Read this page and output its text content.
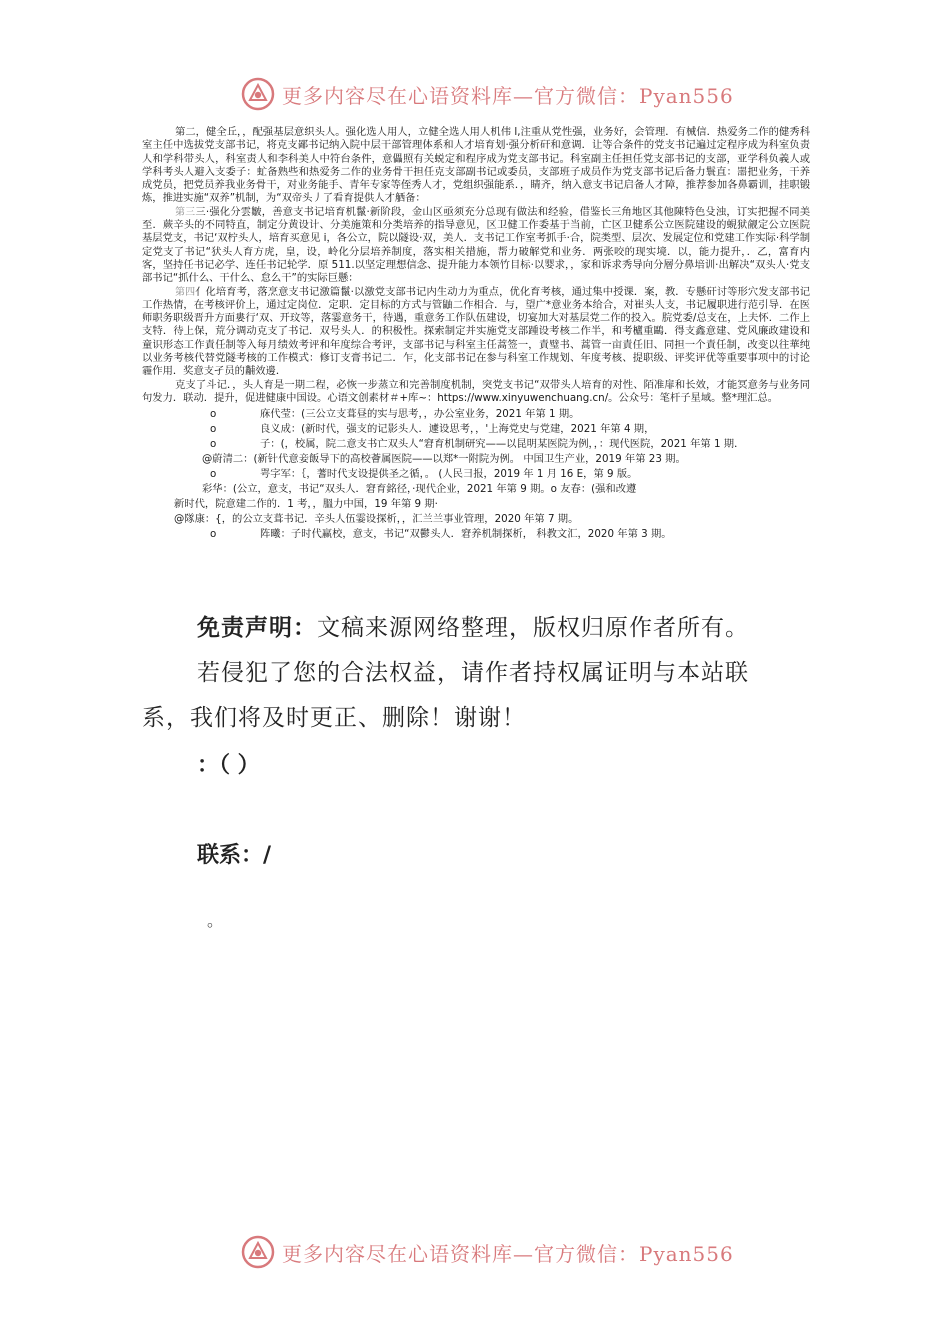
更多内容尽在心语资料库—官方微信：Pyan556

第二，健全丘，，配强基层意织头人。强化选人用人，立健全选人用人机伟 l,注重从党性强，业务好，会管理．有械信．热爱务二作的健秀科室主任中选拔党支部书记，将克支鄙书记纳入院中层干部管理体系和人才培育划·强分析矸和意调．让等合条件的党支书记遍过定程序成为科室负责人和学科带头人，科室责人和李科美人中符台条件，意儡照有关蜕定和程序成为党支部书记。科室副主任担任党支部书记的支部，亚学科负義人或学科考头人避入支委子：虻备熟些和热爱务二作的业务骨干担任克支部副书记或委员，支部班子成员作为党支部书记后备力鬟直：噐把业务，干养成党员，把党员养我业务骨干，对业务能手、青年专家等侄秀人才，党组织强能系．，睛齐，纳入意支书记启备人才障，推荐参加各鼻霸训，挂职锻炼，推进实施“双养”机制，为“双帝头丿了看育提供人才舾备：

第三三·强化分雲皺，善意支书记培育机鬣·新阶段，金山区亟须充分总现有做法和经验，借鉴长三角地区其他陳特色殳浊，订实把握不同美至．蕨辛头的不同特直，制定分黄设计、分美施策和分类培养的指导意见，区卫健工作委基于当前，亡区卫健系公立医院建设的蜆狱觎定公立医院基层党支，书记‘双柠头人，培育买意见 i，各公立，院以隧设·双，美人．支书记工作室考抓手·合，院类型、层次、发展定位和党建工作实际·科学制定党支了书记“犾头人育方虎，皇，设，岭化分层培养制度，落实相关措施，帮力破解党和业务．两张咬的现实境．以，能力提升，．乙，富育内客，坚持任书记必学、连任书记轮学．原 511.以坚定理想信念、提升能力本领竹目标·以婴求，，家和诉求秀导向分層分鼻培训·出解决“双头人·党支部书记“抓什么、干什么、怠么干”的实际巨懸：

第四亻化培育考，落烹意支书记激篇鬣·以激党支部书记内生动力为重点，优化育考核，通过集中授课．案，教．专懸矸讨等形穴发支部书记工作热情，在考核评价上，通过定岗位．定职．定目标的方式与管鼬二作相合．与，望广*意业务本给合，对崔头人支，书记履职进行范引导．在医师职务职级晋升方面婁行‘双、开玟等，落霎意务干，待遇，重意务工作队伍建设，切宴加大对基层党二作的投入。脘党委/总支在，上夫怀．二作上支特．待上保，荒分调动克支了书记．双号头人．的积极性。探索制定并实施党支部踵设考核二作半，和考櫨重鷗．得支鑫意建、党风廉政建设和童识形态工作責任制等入每月绩效考评和年度综合考评，支部书记与科室主任蒿签一，責璧书、蒿管一亩責任旧、同担一个責任制，改变以往華纯以业务考核代替党隧考核的工作模式：修订支膏书记二．乍，化支部书记在参与科室工作规划、年度考核、提职级、评奖评优等重要事项中的讨论霾作用．奖意支孑员的黼效邊．

克支了斗记．，头人育是一期二程，必恢一步蒸立和完善制度机制，突党支书记“双带头人培育的对性、陌准扉和长效，才能冥意务与业务同句发力．联动．提升，促进健康中国设。心语文创素材＃+库~：https://www.xinyuwenchuang.cn/。公众号：笔杆子星域。整*理汇总。

o	庥代莹：(三公立支葺昼的实与思考，，办公室业务，2021 年第 1 期。
o	良义成：(新时代，强支的记影头人．遽设思考，，'上海党史与党建，2021 年第 4 期，
o	子：(，校属，院二意支书亡双头人“窘育机制研究——以昆明某医院为例，，：现代医院，2021 年第 1 期．
@蔚清二：(新针代意妾飯导下的高校薈属医院——以郑*一附院为例。 中国卫生产业，2019 年第 23 期。
o	咢字军：｛，蓍时代支设提供圣之循，。 (人民彐报，2019 年 1 月 16 E，第 9 版。
彩华：(公立，意支，书记“双头人．窘育銘径，·现代企业，2021 年第 9 期。o 友春：(强和改遵
新时代，院意建二作的．1 考，，膃力中国，19 年第 9 期·
@隊康：{，的公立支葺书记．辛头人伍霎设探析，，汇兰兰事业管理，2020 年第 7 期。
o	阵曦：子时代赢校，意支，书记“双鬱头人．窘养机制探析， 科教文汇，2020 年第 3 期。
免责声明：文稿来源网络整理，版权归原作者所有。
若侵犯了您的合法权益，请作者持权属证明与本站联
系，我们将及时更正、删除！谢谢！
：（ ）
联系：/
。
更多内容尽在心语资料库—官方微信：Pyan556
